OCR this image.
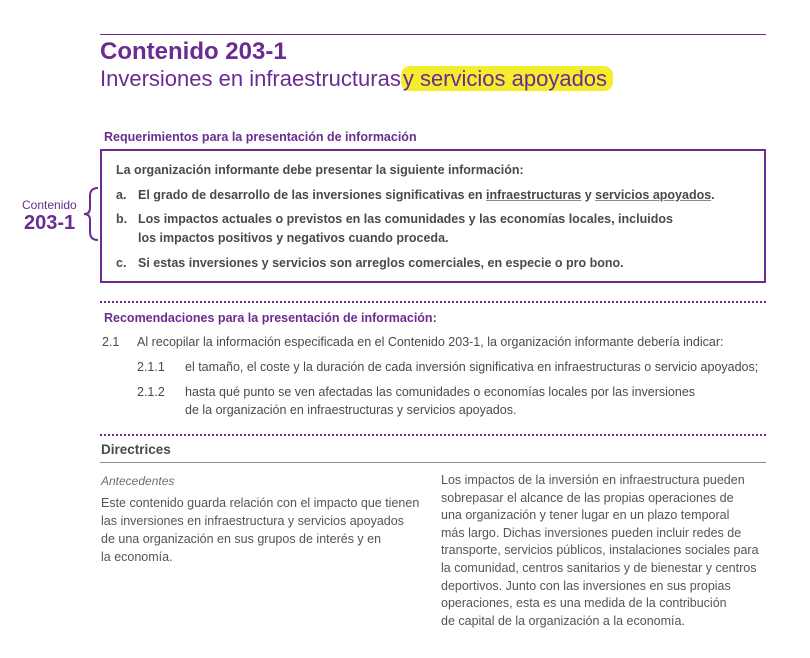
Contenido 203-1
Inversiones en infraestructurasy servicios apoyados
Requerimientos para la presentación de información
La organización informante debe presentar la siguiente información:
a. El grado de desarrollo de las inversiones significativas en infraestructuras y servicios apoyados.
b. Los impactos actuales o previstos en las comunidades y las economías locales, incluidos
los impactos positivos y negativos cuando proceda.
c. Si estas inversiones y servicios son arreglos comerciales, en especie o pro bono.
Contenido
203-1
Recomendaciones para la presentación de información:
2.1 Al recopilar la información especificada en el Contenido 203-1, la organización informante debería indicar:
2.1.1 el tamaño, el coste y la duración de cada inversión significativa en infraestructuras o servicio apoyados;
2.1.2 hasta qué punto se ven afectadas las comunidades o economías locales por las inversiones
de la organización en infraestructuras y servicios apoyados.
Directrices
Antecedentes
Este contenido guarda relación con el impacto que tienen
las inversiones en infraestructura y servicios apoyados
de una organización en sus grupos de interés y en
la economía.
Los impactos de la inversión en infraestructura pueden
sobrepasar el alcance de las propias operaciones de
una organización y tener lugar en un plazo temporal
más largo. Dichas inversiones pueden incluir redes de
transporte, servicios públicos, instalaciones sociales para
la comunidad, centros sanitarios y de bienestar y centros
deportivos. Junto con las inversiones en sus propias
operaciones, esta es una medida de la contribución
de capital de la organización a la economía.
